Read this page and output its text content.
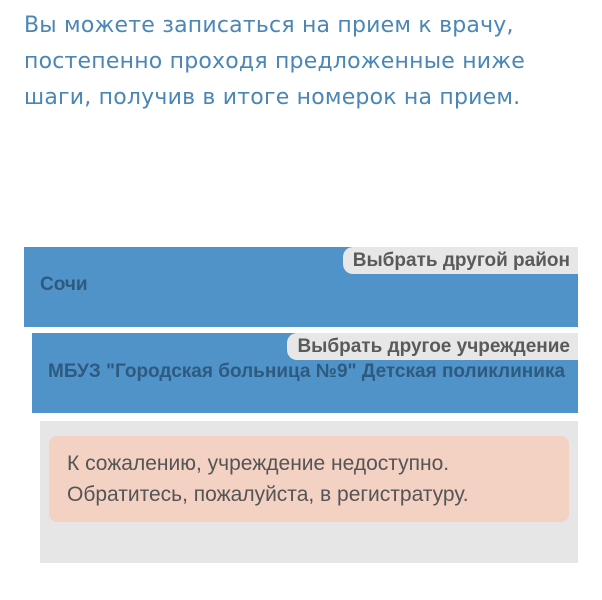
Вы можете записаться на прием к врачу,
постепенно проходя предложенные ниже
шаги, получив в итоге номерок на прием.
Выбрать другой район
Сочи
Выбрать другое учреждение
МБУЗ "Городская больница №9" Детская поликлиника
К сожалению, учреждение недоступно.
Обратитесь, пожалуйста, в регистратуру.
